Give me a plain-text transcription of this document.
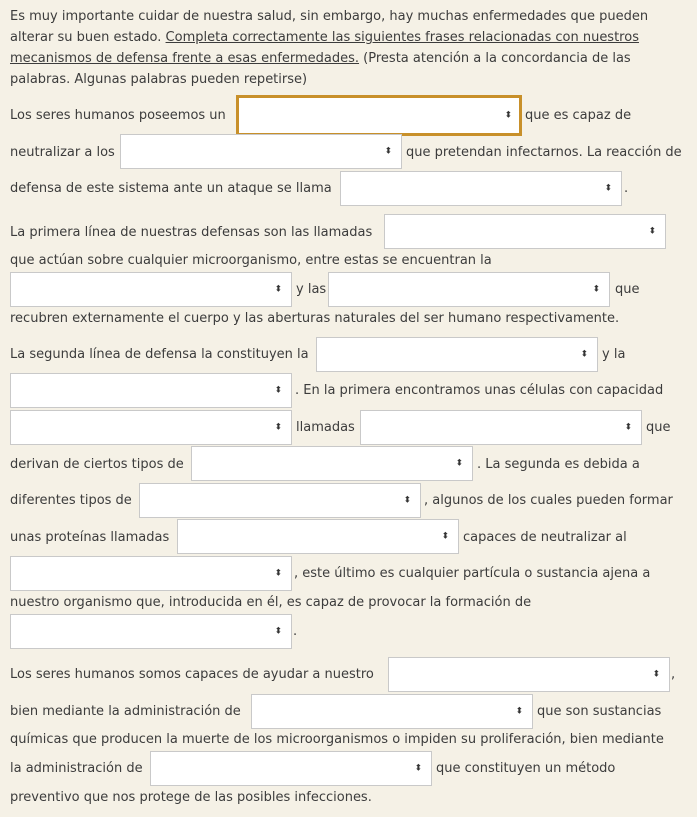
Es muy importante cuidar de nuestra salud, sin embargo, hay muchas enfermedades que pueden
alterar su buen estado. Completa correctamente las siguientes frases relacionadas con nuestros
mecanismos de defensa frente a esas enfermedades. (Presta atención a la concordancia de las
palabras. Algunas palabras pueden repetirse)
Los seres humanos poseemos un	⬍ que es capaz de
neutralizar a los	⬍ que pretendan infectarnos. La reacción de
defensa de este sistema ante un ataque se llama	⬍ .
La primera línea de nuestras defensas son las llamadas	⬍
que actúan sobre cualquier microorganismo, entre estas se encuentran la
⬍ y las	⬍ que
recubren externamente el cuerpo y las aberturas naturales del ser humano respectivamente.
La segunda línea de defensa la constituyen la	⬍ y la
⬍ . En la primera encontramos unas células con capacidad
⬍ llamadas	⬍ que
derivan de ciertos tipos de	⬍ . La segunda es debida a
diferentes tipos de	⬍ , algunos de los cuales pueden formar
unas proteínas llamadas	⬍ capaces de neutralizar al
⬍ , este último es cualquier partícula o sustancia ajena a
nuestro organismo que, introducida en él, es capaz de provocar la formación de
⬍ .
Los seres humanos somos capaces de ayudar a nuestro	⬍ ,
bien mediante la administración de	⬍ que son sustancias
químicas que producen la muerte de los microorganismos o impiden su proliferación, bien mediante
la administración de	⬍ que constituyen un método
preventivo que nos protege de las posibles infecciones.
